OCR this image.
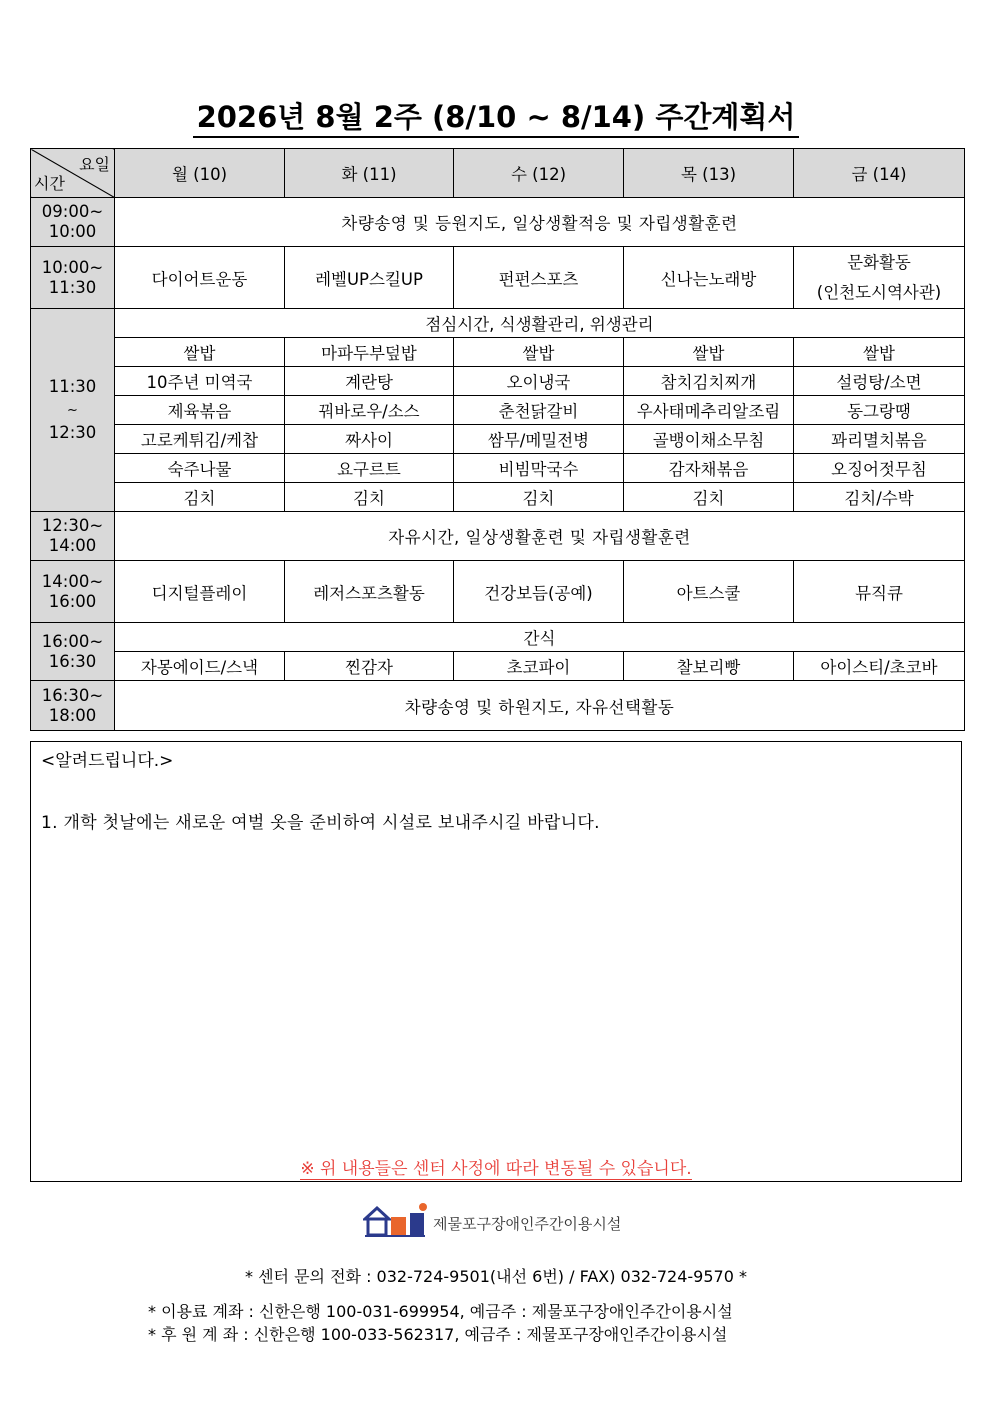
2026년 8월 2주 (8/10 ~ 8/14) 주간계획서
요일
시간	월 (10)	화 (11)	수 (12)	목 (13)	금 (14)
09:00~
10:00	차량송영 및 등원지도, 일상생활적응 및 자립생활훈련				
10:00~
11:30	다이어트운동	레벨UP스킬UP	펀펀스포츠	신나는노래방	문화활동
(인천도시역사관)
11:30
~
12:30	점심시간, 식생활관리, 위생관리				
	쌀밥	마파두부덮밥	쌀밥	쌀밥	쌀밥
	10주년 미역국	계란탕	오이냉국	참치김치찌개	설렁탕/소면
	제육볶음	꿔바로우/소스	춘천닭갈비	우사태메추리알조림	동그랑땡
	고로케튀김/케찹	짜사이	쌈무/메밀전병	골뱅이채소무침	꽈리멸치볶음
	숙주나물	요구르트	비빔막국수	감자채볶음	오징어젓무침
	김치	김치	김치	김치	김치/수박
12:30~
14:00	자유시간, 일상생활훈련 및 자립생활훈련				
14:00~
16:00	디지털플레이	레저스포츠활동	건강보듬(공예)	아트스쿨	뮤직큐
16:00~
16:30	간식				
	자몽에이드/스낵	찐감자	초코파이	찰보리빵	아이스티/초코바
16:30~
18:00	차량송영 및 하원지도, 자유선택활동				
<알려드립니다.>
1. 개학 첫날에는 새로운 여벌 옷을 준비하여 시설로 보내주시길 바랍니다.
※ 위 내용들은 센터 사정에 따라 변동될 수 있습니다.
제물포구장애인주간이용시설
* 센터 문의 전화 : 032-724-9501(내선 6번) / FAX) 032-724-9570 *
* 이용료 계좌 : 신한은행 100-031-699954, 예금주 : 제물포구장애인주간이용시설
* 후 원 계 좌 : 신한은행 100-033-562317, 예금주 : 제물포구장애인주간이용시설
